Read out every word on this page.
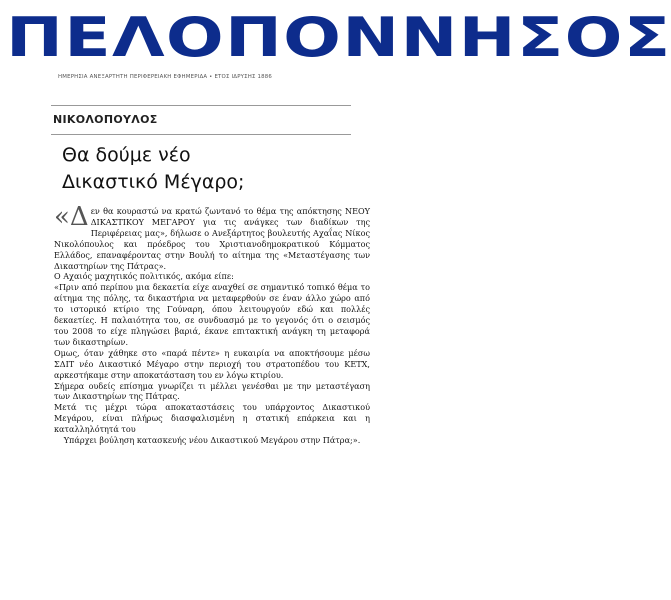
ΠΕΛΟΠΟΝΝΗΣΟΣ
ΗΜΕΡΗΣΙΑ ΑΝΕΞΑΡΤΗΤΗ ΠΕΡΙΦΕΡΕΙΑΚΗ ΕΦΗΜΕΡΙΔΑ • ΕΤΟΣ ΙΔΡΥΣΗΣ 1886
ΝΙΚΟΛΟΠΟΥΛΟΣ
Θα δούμε νέο
Δικαστικό Μέγαρο;

«Δεν θα κουραστώ να κρατώ ζωντανό το θέμα της απόκτησης ΝΕΟΥ ΔΙΚΑΣΤΙΚΟΥ ΜΕΓΑΡΟΥ για τις ανάγκες των διαδίκων της Περιφέρειας μας», δήλωσε ο Ανεξάρτητος βουλευτής Αχαΐας Νίκος Νικολόπουλος και πρόεδρος του Χριστιανοδημοκρατικού Κόμματος Ελλάδος, επαναφέροντας στην Βουλή το αίτημα της «Μεταστέγασης των Δικαστηρίων της Πάτρας».

Ο Αχαιός μαχητικός πολιτικός, ακόμα είπε:

«Πριν από περίπου μια δεκαετία είχε αναχθεί σε σημαντικό τοπικό θέμα το αίτημα της πόλης, τα δικαστήρια να μεταφερθούν σε έναν άλλο χώρο από το ιστορικό κτίριο της Γούναρη, όπου λειτουργούν εδώ και πολλές δεκαετίες. Η παλαιότητα του, σε συνδυασμό με το γεγονός ότι ο σεισμός του 2008 το είχε πληγώσει βαριά, έκανε επιτακτική ανάγκη τη μεταφορά των δικαστηρίων.

Ομως, όταν χάθηκε στο «παρά πέντε» η ευκαιρία να αποκτήσουμε μέσω ΣΔΙΤ νέο Δικαστικό Μέγαρο στην περιοχή του στρατοπέδου του ΚΕΤΧ, αρκεστήκαμε στην αποκατάσταση του εν λόγω κτιρίου.

Σήμερα ουδείς επίσημα γνωρίζει τι μέλλει γενέσθαι με την μεταστέγαση των Δικαστηρίων της Πάτρας.

Μετά τις μέχρι τώρα αποκαταστάσεις του υπάρχοντος Δικαστικού Μεγάρου, είναι πλήρως διασφαλισμένη η στατική επάρκεια και η καταλληλότητά του

Υπάρχει βούληση κατασκευής νέου Δικαστικού Μεγάρου στην Πάτρα;».
